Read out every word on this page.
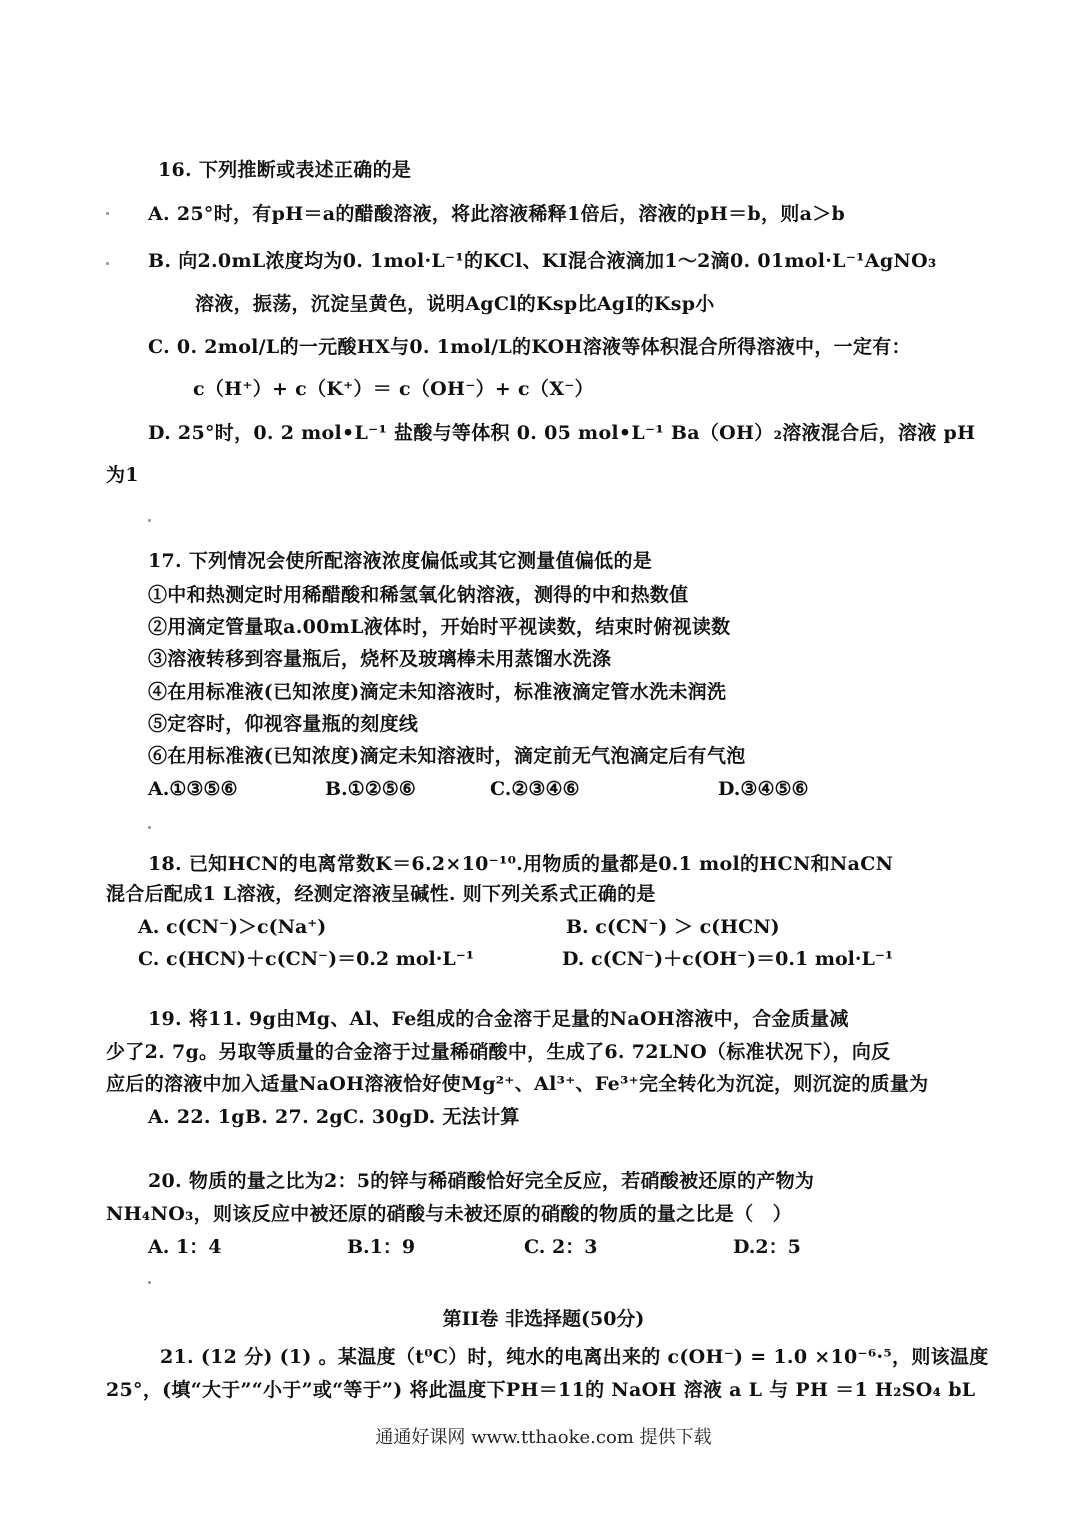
16. 下列推断或表述正确的是
A. 25°时，有pH＝a的醋酸溶液，将此溶液稀释1倍后，溶液的pH＝b，则a＞b
B. 向2.0mL浓度均为0. 1mol·L⁻¹的KCl、KI混合液滴加1～2滴0. 01mol·L⁻¹AgNO₃
溶液，振荡，沉淀呈黄色，说明AgCl的Ksp比AgI的Ksp小
C. 0. 2mol/L的一元酸HX与0. 1mol/L的KOH溶液等体积混合所得溶液中，一定有：
c（H⁺）+ c（K⁺）＝ c（OH⁻）+ c（X⁻）
D. 25°时，0. 2 mol•L⁻¹ 盐酸与等体积 0. 05 mol•L⁻¹ Ba（OH）₂溶液混合后，溶液 pH
为1
17. 下列情况会使所配溶液浓度偏低或其它测量值偏低的是
①中和热测定时用稀醋酸和稀氢氧化钠溶液，测得的中和热数值
②用滴定管量取a.00mL液体时，开始时平视读数，结束时俯视读数
③溶液转移到容量瓶后，烧杯及玻璃棒未用蒸馏水洗涤
④在用标准液(已知浓度)滴定未知溶液时，标准液滴定管水洗未润洗
⑤定容时，仰视容量瓶的刻度线
⑥在用标准液(已知浓度)滴定未知溶液时，滴定前无气泡滴定后有气泡
A.①③⑤⑥	B.①②⑤⑥	C.②③④⑥	D.③④⑤⑥
18. 已知HCN的电离常数K＝6.2×10⁻¹⁰.用物质的量都是0.1 mol的HCN和NaCN
混合后配成1 L溶液，经测定溶液呈碱性. 则下列关系式正确的是
A. c(CN⁻)＞c(Na⁺)	B. c(CN⁻) ＞ c(HCN)
C. c(HCN)＋c(CN⁻)＝0.2 mol·L⁻¹	D. c(CN⁻)＋c(OH⁻)＝0.1 mol·L⁻¹
19. 将11. 9g由Mg、Al、Fe组成的合金溶于足量的NaOH溶液中，合金质量减
少了2. 7g。另取等质量的合金溶于过量稀硝酸中，生成了6. 72LNO（标准状况下），向反
应后的溶液中加入适量NaOH溶液恰好使Mg²⁺、Al³⁺、Fe³⁺完全转化为沉淀，则沉淀的质量为
A. 22. 1gB. 27. 2gC. 30gD. 无法计算
20. 物质的量之比为2：5的锌与稀硝酸恰好完全反应，若硝酸被还原的产物为
NH₄NO₃，则该反应中被还原的硝酸与未被还原的硝酸的物质的量之比是（　）
A. 1：4	B.1：9	C. 2：3	D.2：5
第II卷 非选择题(50分)
21. (12 分) (1) 。某温度（t⁰C）时，纯水的电离出来的 c(OH⁻) = 1.0 ×10⁻⁶·⁵，则该温度
25°，(填“大于”“小于”或“等于”) 将此温度下PH＝11的 NaOH 溶液 a L 与 PH ＝1 H₂SO₄ bL
通通好课网 www.tthaoke.com 提供下载
